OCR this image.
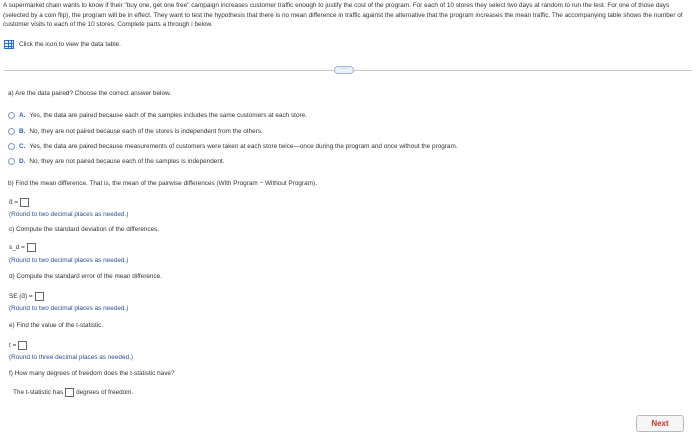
A supermarket chain wants to know if their "buy one, get one free" campaign increases customer traffic enough to justify the cost of the program. For each of 10 stores they select two days at random to run the test. For one of those days (selected by a coin flip), the program will be in effect. They want to test the hypothesis that there is no mean difference in traffic against the alternative that the program increases the mean traffic. The accompanying table shows the number of customer visits to each of the 10 stores. Complete parts a through i below.
Click the icon to view the data table.
·····
a) Are the data paired? Choose the correct answer below.
A. Yes, the data are paired because each of the samples includes the same customers at each store.
B. No, they are not paired because each of the stores is independent from the others.
C. Yes, the data are paired because measurements of customers were taken at each store twice—once during the program and once without the program.
D. No, they are not paired because each of the samples is independent.
b) Find the mean difference. That is, the mean of the pairwise differences (With Program − Without Program).
d̄ =
(Round to two decimal places as needed.)
c) Compute the standard deviation of the differences.
s_d =
(Round to two decimal places as needed.)
d) Compute the standard error of the mean difference.
SE (d̄) =
(Round to two decimal places as needed.)
e) Find the value of the t-statistic.
t =
(Round to three decimal places as needed.)
f) How many degrees of freedom does the t-statistic have?
The t-statistic has degrees of freedom.
Next
